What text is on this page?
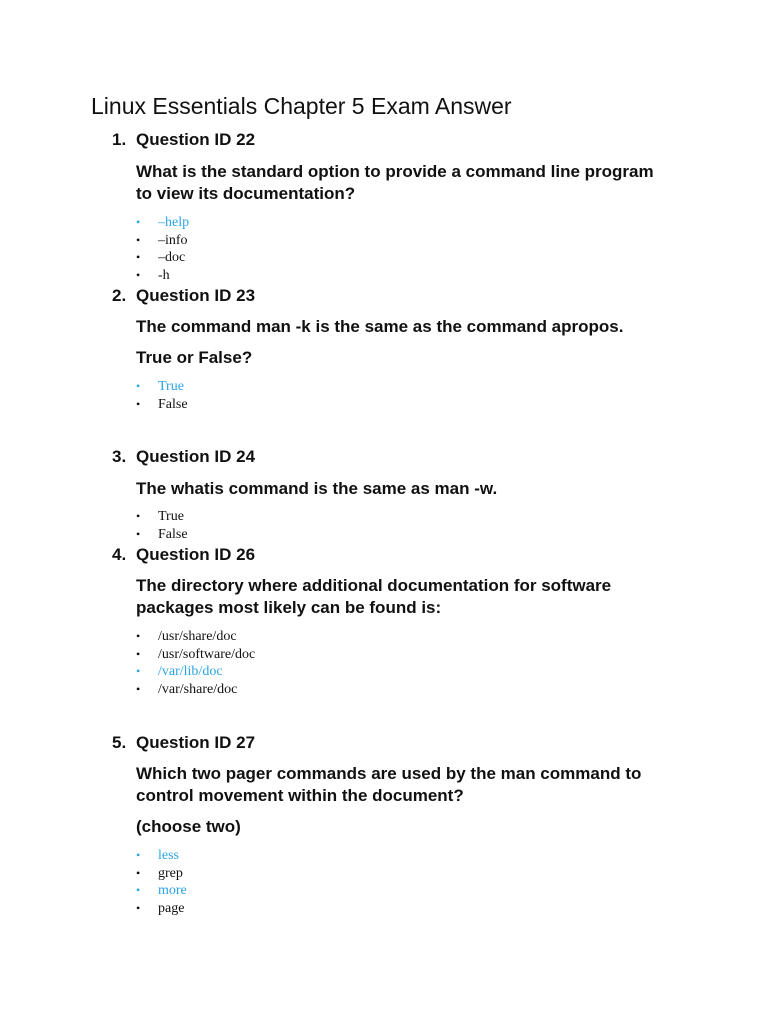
Linux Essentials Chapter 5 Exam Answer
1. Question ID 22

What is the standard option to provide a command line program to view its documentation?

•	–help
•	–info
•	–doc
•	-h
2. Question ID 23

The command man -k is the same as the command apropos.

True or False?

•	True
•	False
3. Question ID 24

The whatis command is the same as man -w.

•	True
•	False
4. Question ID 26

The directory where additional documentation for software packages most likely can be found is:

•	/usr/share/doc
•	/usr/software/doc
•	/var/lib/doc
•	/var/share/doc
5. Question ID 27

Which two pager commands are used by the man command to control movement within the document?

(choose two)

•	less
•	grep
•	more
•	page
